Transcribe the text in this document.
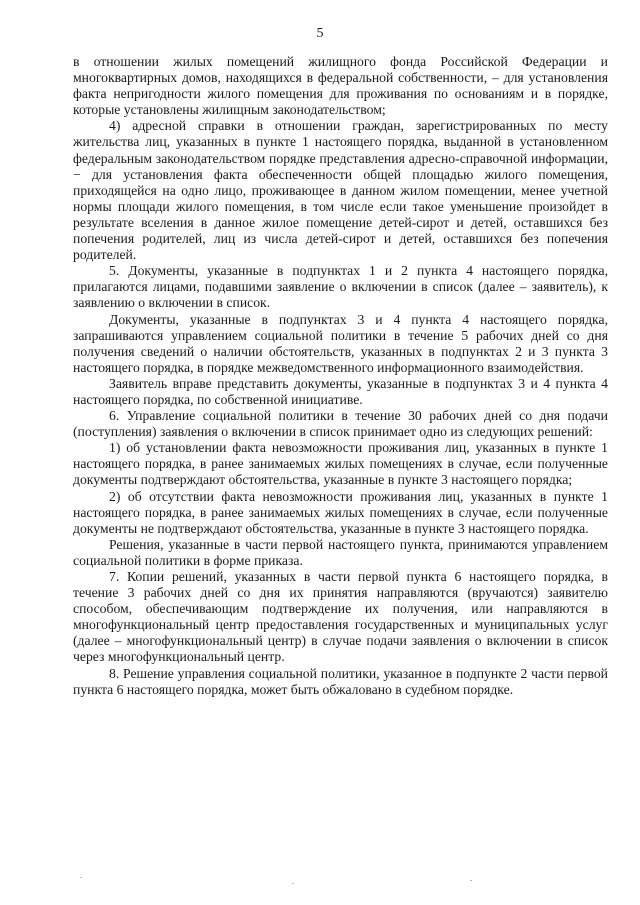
5

в отношении жилых помещений жилищного фонда Российской Федерации и многоквартирных домов, находящихся в федеральной собственности, – для установления факта непригодности жилого помещения для проживания по основаниям и в порядке, которые установлены жилищным законодательством;

4) адресной справки в отношении граждан, зарегистрированных по месту жительства лиц, указанных в пункте 1 настоящего порядка, выданной в установленном федеральным законодательством порядке представления адресно-справочной информации, − для установления факта обеспеченности общей площадью жилого помещения, приходящейся на одно лицо, проживающее в данном жилом помещении, менее учетной нормы площади жилого помещения, в том числе если такое уменьшение произойдет в результате вселения в данное жилое помещение детей-сирот и детей, оставшихся без попечения родителей, лиц из числа детей-сирот и детей, оставшихся без попечения родителей.

5. Документы, указанные в подпунктах 1 и 2 пункта 4 настоящего порядка, прилагаются лицами, подавшими заявление о включении в список (далее – заявитель), к заявлению о включении в список.

Документы, указанные в подпунктах 3 и 4 пункта 4 настоящего порядка, запрашиваются управлением социальной политики в течение 5 рабочих дней со дня получения сведений о наличии обстоятельств, указанных в подпунктах 2 и 3 пункта 3 настоящего порядка, в порядке межведомственного информационного взаимодействия.

Заявитель вправе представить документы, указанные в подпунктах 3 и 4 пункта 4 настоящего порядка, по собственной инициативе.

6. Управление социальной политики в течение 30 рабочих дней со дня подачи (поступления) заявления о включении в список принимает одно из следующих решений:

1) об установлении факта невозможности проживания лиц, указанных в пункте 1 настоящего порядка, в ранее занимаемых жилых помещениях в случае, если полученные документы подтверждают обстоятельства, указанные в пункте 3 настоящего порядка;

2) об отсутствии факта невозможности проживания лиц, указанных в пункте 1 настоящего порядка, в ранее занимаемых жилых помещениях в случае, если полученные документы не подтверждают обстоятельства, указанные в пункте 3 настоящего порядка.

Решения, указанные в части первой настоящего пункта, принимаются управлением социальной политики в форме приказа.

7. Копии решений, указанных в части первой пункта 6 настоящего порядка, в течение 3 рабочих дней со дня их принятия направляются (вручаются) заявителю способом, обеспечивающим подтверждение их получения, или направляются в многофункциональный центр предоставления государственных и муниципальных услуг (далее – многофункциональный центр) в случае подачи заявления о включении в список через многофункциональный центр.

8. Решение управления социальной политики, указанное в подпункте 2 части первой пункта 6 настоящего порядка, может быть обжаловано в судебном порядке.
